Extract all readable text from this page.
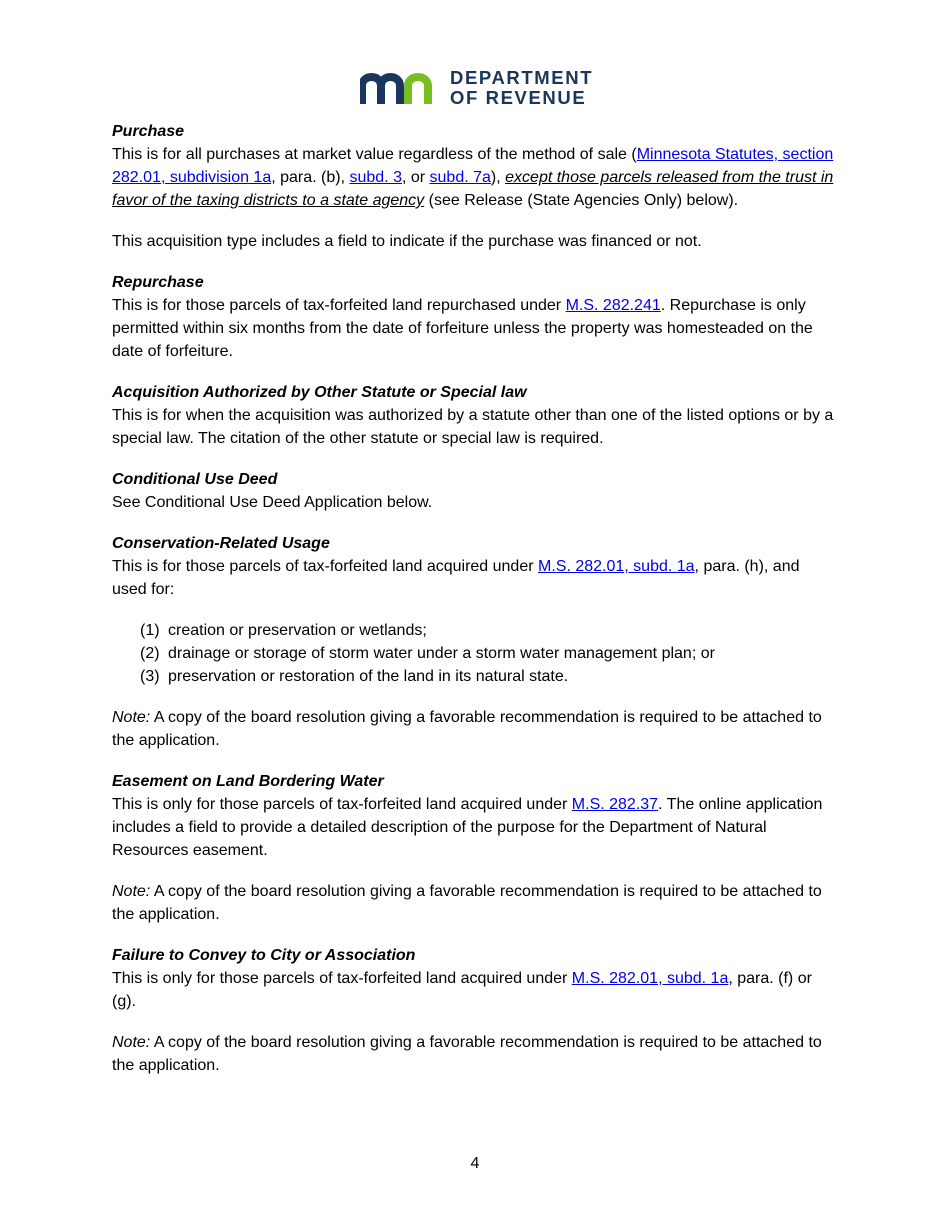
DEPARTMENT
OF REVENUE

Purchase

This is for all purchases at market value regardless of the method of sale (Minnesota Statutes, section 282.01, subdivision 1a, para. (b), subd. 3, or subd. 7a), except those parcels released from the trust in favor of the taxing districts to a state agency (see Release (State Agencies Only) below).

This acquisition type includes a field to indicate if the purchase was financed or not.

Repurchase

This is for those parcels of tax-forfeited land repurchased under M.S. 282.241. Repurchase is only permitted within six months from the date of forfeiture unless the property was homesteaded on the date of forfeiture.

Acquisition Authorized by Other Statute or Special law

This is for when the acquisition was authorized by a statute other than one of the listed options or by a special law. The citation of the other statute or special law is required.

Conditional Use Deed

See Conditional Use Deed Application below.

Conservation-Related Usage

This is for those parcels of tax-forfeited land acquired under M.S. 282.01, subd. 1a, para. (h), and used for:

(1) creation or preservation or wetlands;
(2) drainage or storage of storm water under a storm water management plan; or
(3) preservation or restoration of the land in its natural state.

Note: A copy of the board resolution giving a favorable recommendation is required to be attached to the application.

Easement on Land Bordering Water

This is only for those parcels of tax-forfeited land acquired under M.S. 282.37. The online application includes a field to provide a detailed description of the purpose for the Department of Natural Resources easement.

Note: A copy of the board resolution giving a favorable recommendation is required to be attached to the application.

Failure to Convey to City or Association

This is only for those parcels of tax-forfeited land acquired under M.S. 282.01, subd. 1a, para. (f) or (g).

Note: A copy of the board resolution giving a favorable recommendation is required to be attached to the application.

4
